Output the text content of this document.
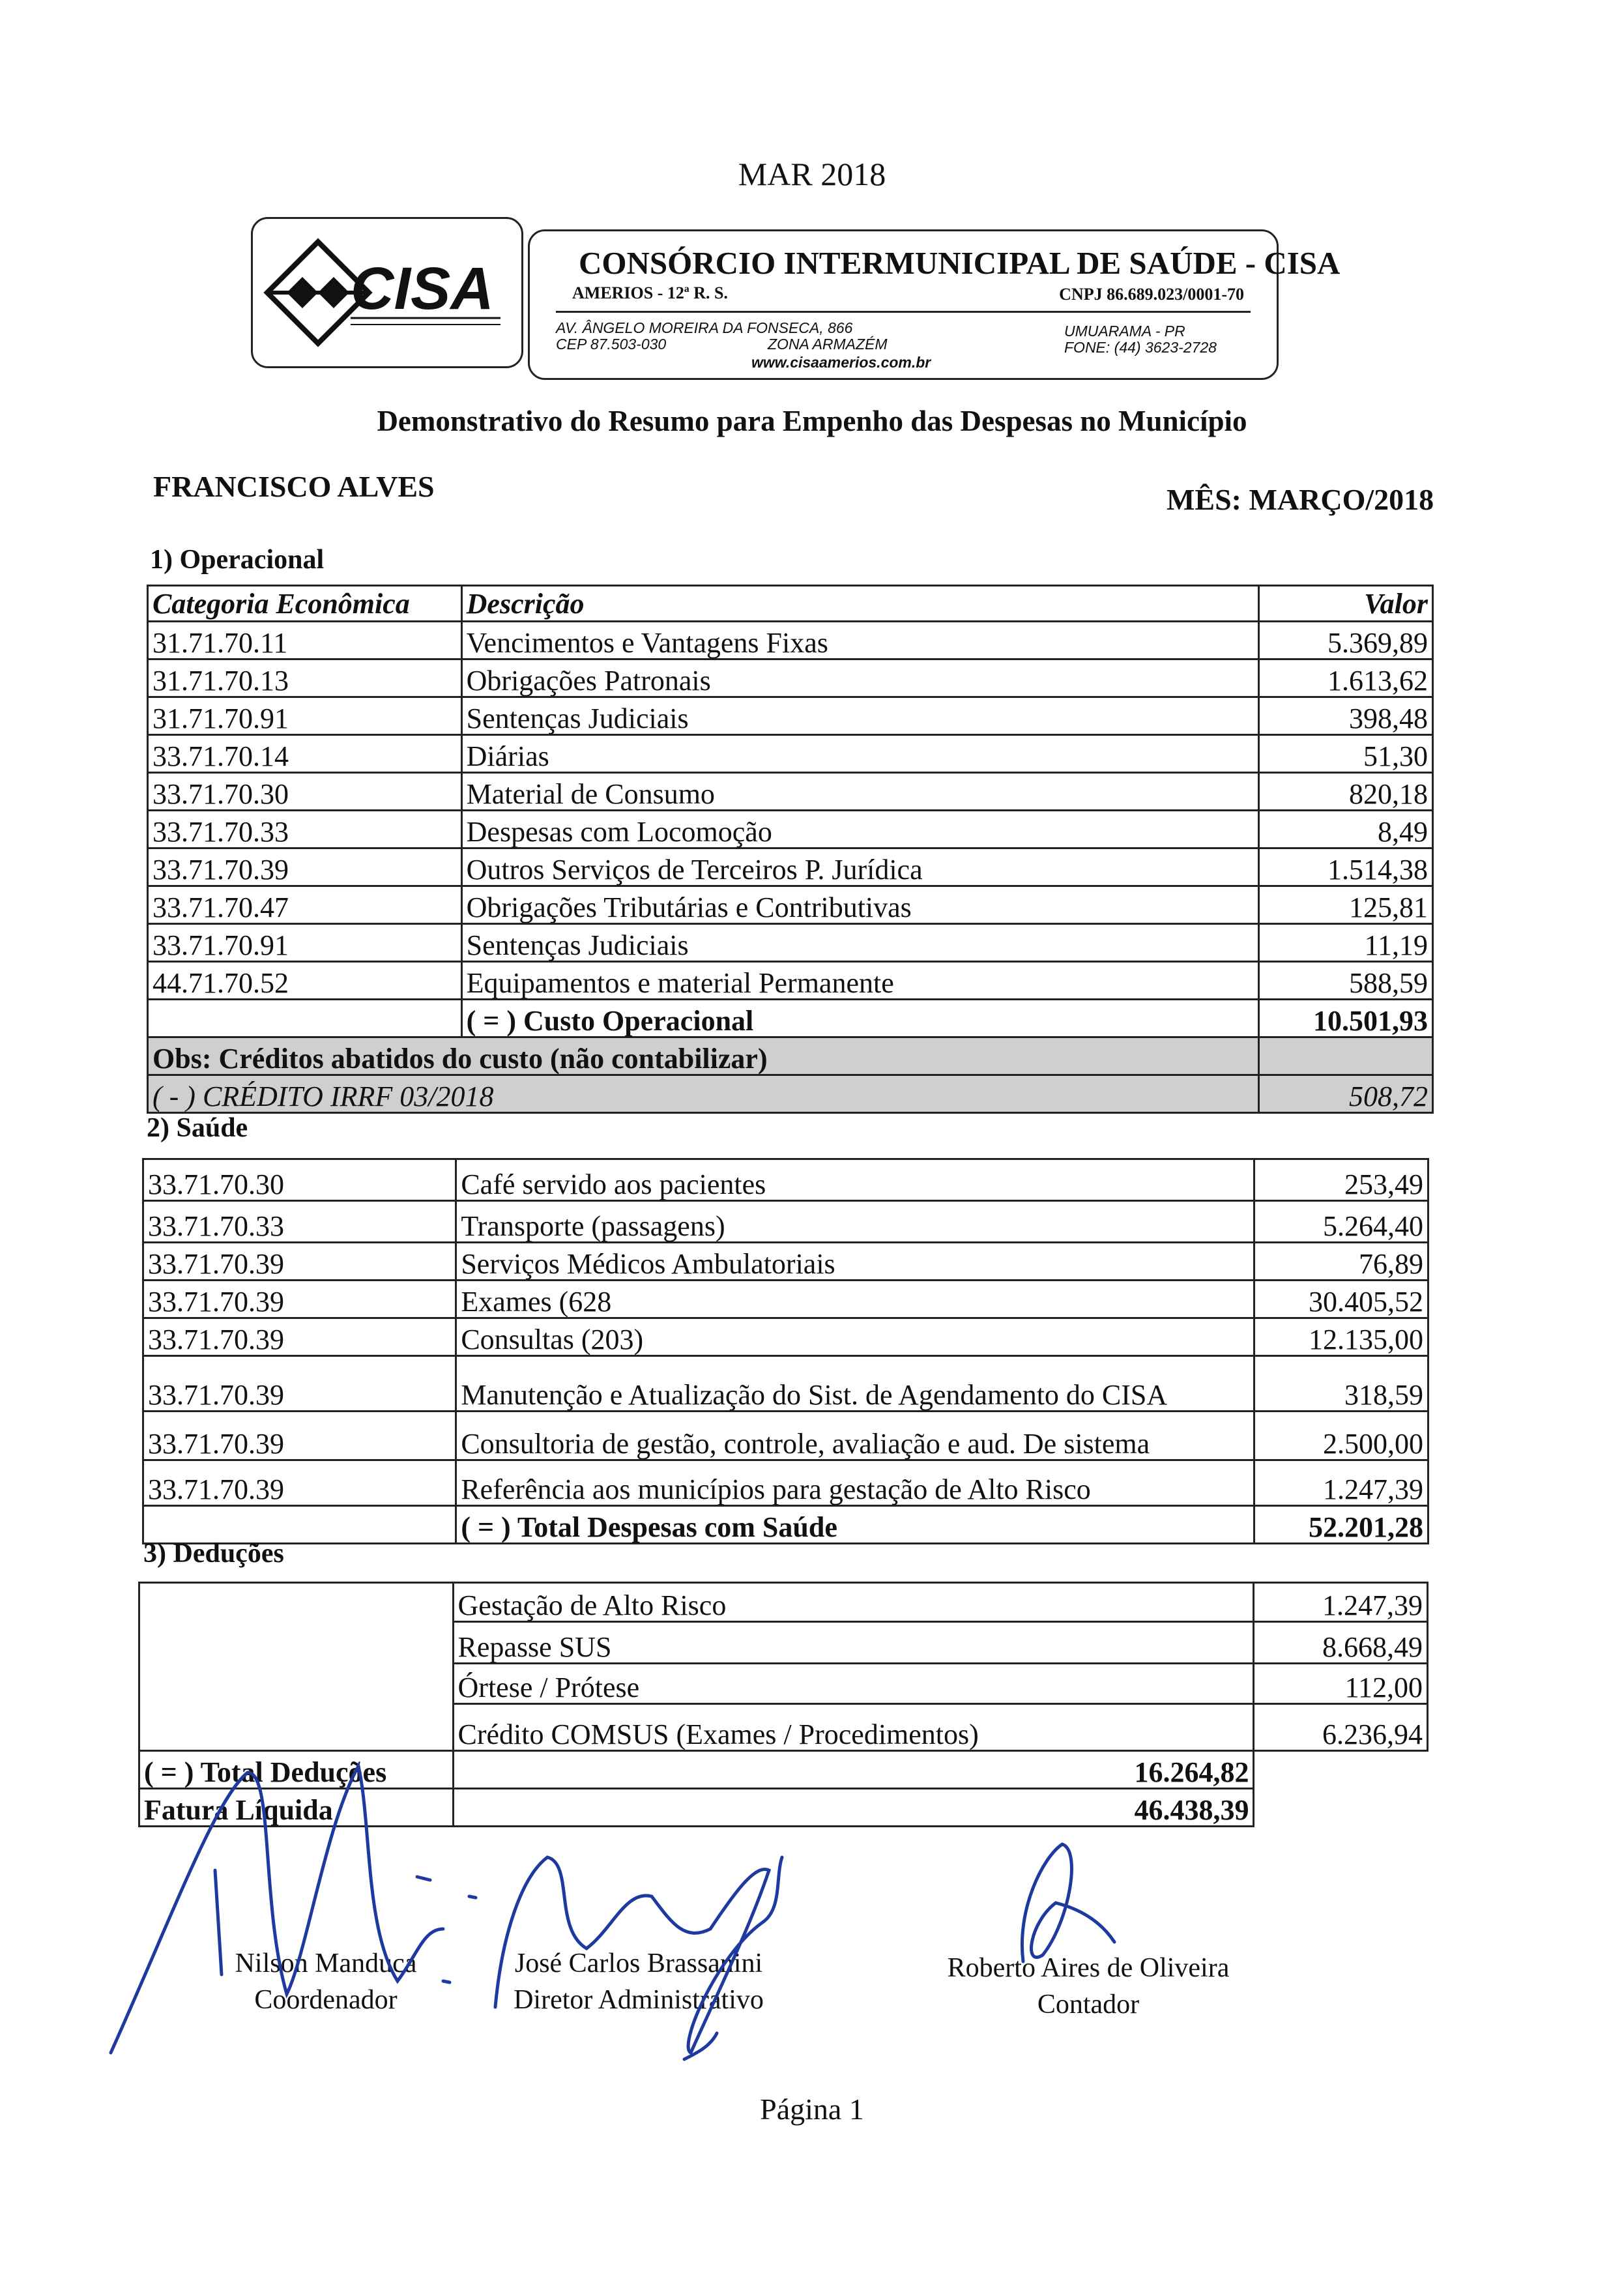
MAR 2018
CISA	CONSÓRCIO INTERMUNICIPAL DE SAÚDE - CISA
AMERIOS - 12ª R. S.	CNPJ 86.689.023/0001-70
AV. ÂNGELO MOREIRA DA FONSECA, 866
CEP 87.503-030	ZONA ARMAZÉM
UMUARAMA - PR
FONE: (44) 3623-2728
www.cisaamerios.com.br
Demonstrativo do Resumo para Empenho das Despesas no Município
FRANCISCO ALVES	MÊS: MARÇO/2018
1) Operacional
Categoria Econômica	Descrição	Valor
31.71.70.11	Vencimentos e Vantagens Fixas	5.369,89
31.71.70.13	Obrigações Patronais	1.613,62
31.71.70.91	Sentenças Judiciais	398,48
33.71.70.14	Diárias	51,30
33.71.70.30	Material de Consumo	820,18
33.71.70.33	Despesas com Locomoção	8,49
33.71.70.39	Outros Serviços de Terceiros P. Jurídica	1.514,38
33.71.70.47	Obrigações Tributárias e Contributivas	125,81
33.71.70.91	Sentenças Judiciais	11,19
44.71.70.52	Equipamentos e material Permanente	588,59
	( = ) Custo Operacional	10.501,93
Obs: Créditos abatidos do custo (não contabilizar)		
( - ) CRÉDITO IRRF 03/2018		508,72
2) Saúde
33.71.70.30	Café servido aos pacientes	253,49
33.71.70.33	Transporte (passagens)	5.264,40
33.71.70.39	Serviços Médicos Ambulatoriais	76,89
33.71.70.39	Exames (628	30.405,52
33.71.70.39	Consultas (203)	12.135,00
33.71.70.39	Manutenção e Atualização do Sist. de Agendamento do CISA	318,59
33.71.70.39	Consultoria de gestão, controle, avaliação e aud. De sistema	2.500,00
33.71.70.39	Referência aos municípios para gestação de Alto Risco	1.247,39
	( = ) Total Despesas com Saúde	52.201,28
3) Deduções
	Gestação de Alto Risco	1.247,39
	Repasse SUS	8.668,49
	Órtese / Prótese	112,00
	Crédito COMSUS (Exames / Procedimentos)	6.236,94
( = ) Total Deduções	16.264,82	
Fatura Líquida	46.438,39	
Nilson Manduca
Coordenador
José Carlos Brassanini
Diretor Administrativo
Roberto Aires de Oliveira
Contador
Página 1
